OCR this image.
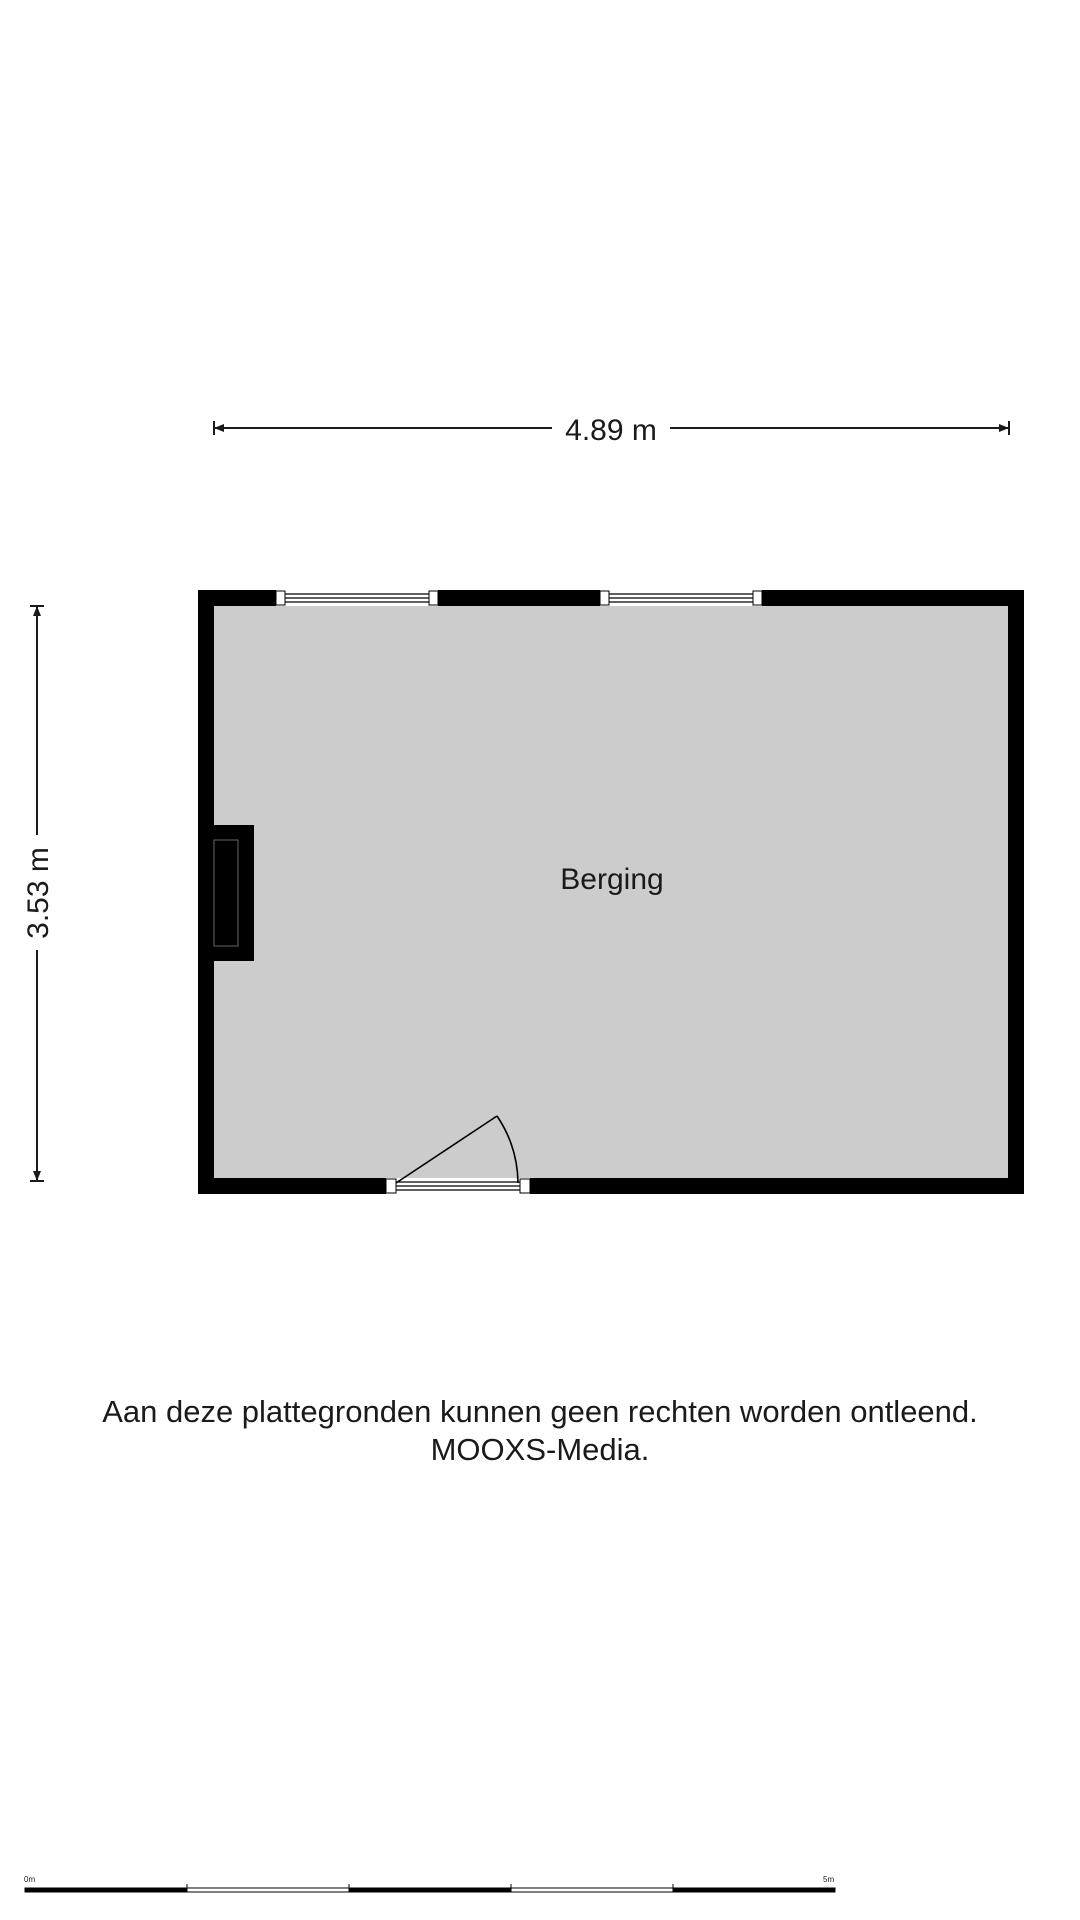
4.89 m
3.53 m	Berging
0m	5m
Aan deze plattegronden kunnen geen rechten worden ontleend.
MOOXS-Media.
